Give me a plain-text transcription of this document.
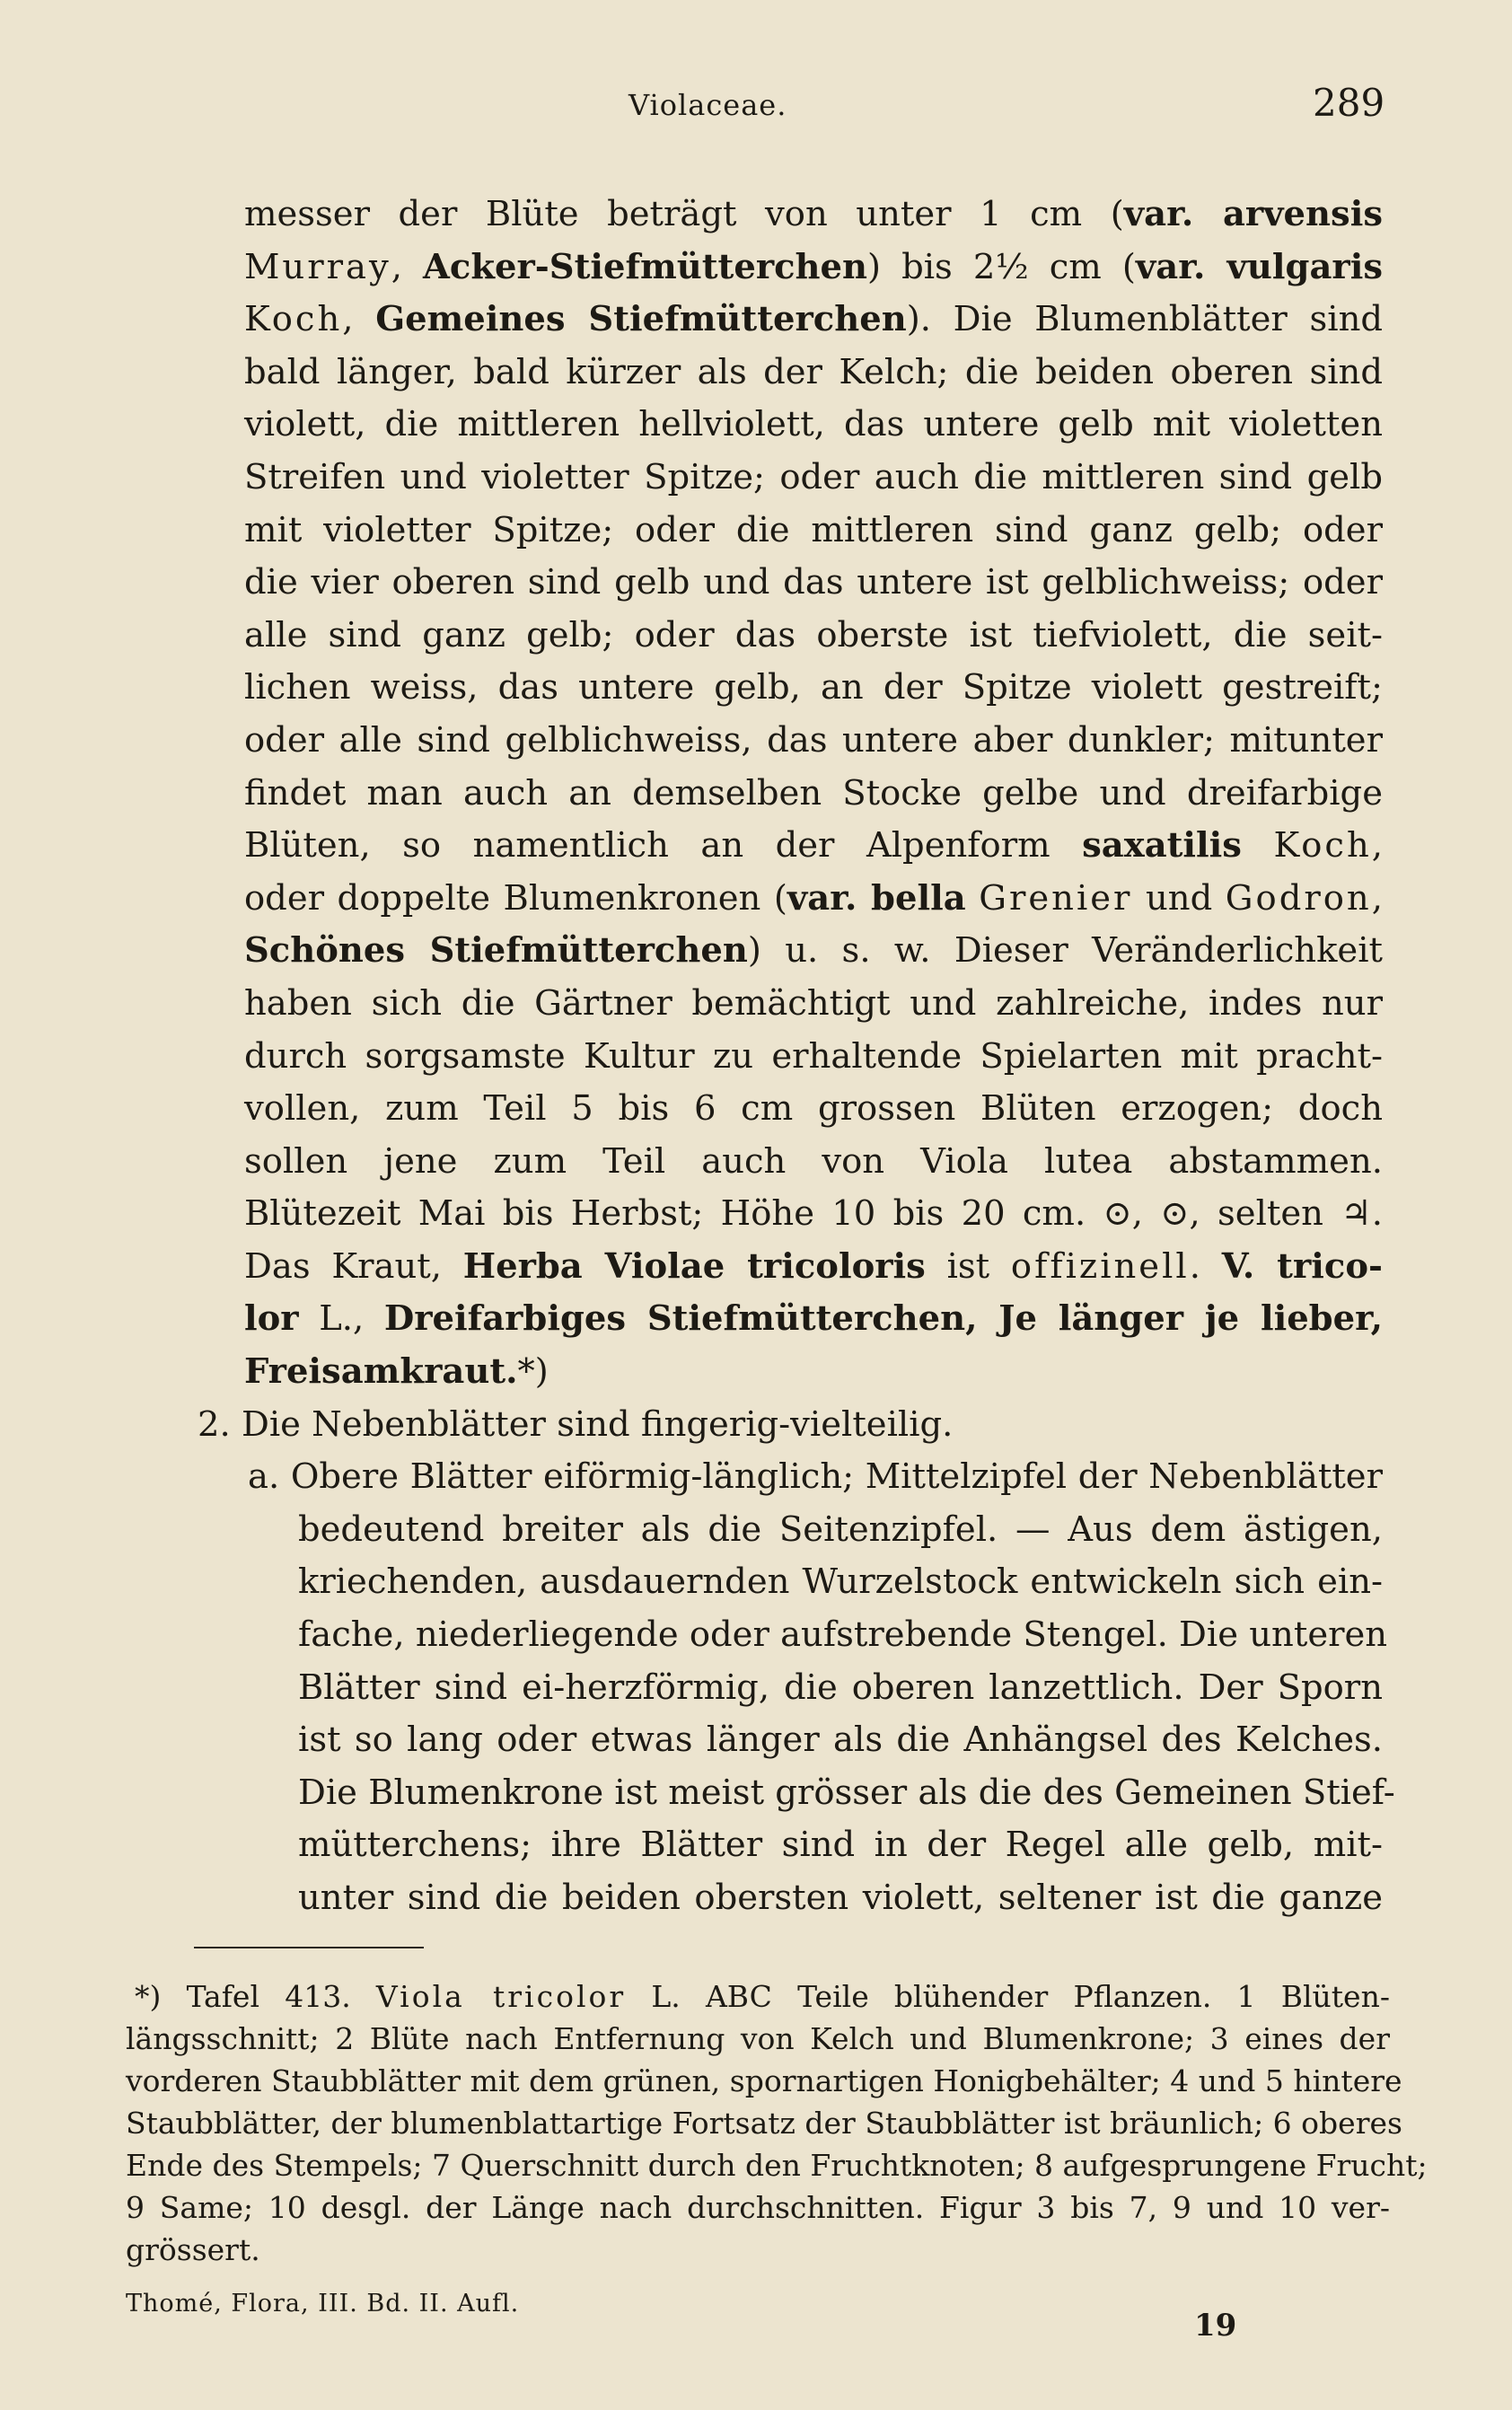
Violaceae.	289
messer der Blüte beträgt von unter 1 cm (var. arvensis
Murray, Acker-Stiefmütterchen) bis 2½ cm (var. vulgaris
Koch, Gemeines Stiefmütterchen). Die Blumenblätter sind
bald länger, bald kürzer als der Kelch; die beiden oberen sind
violett, die mittleren hellviolett, das untere gelb mit violetten
Streifen und violetter Spitze; oder auch die mittleren sind gelb
mit violetter Spitze; oder die mittleren sind ganz gelb; oder
die vier oberen sind gelb und das untere ist gelblichweiss; oder
alle sind ganz gelb; oder das oberste ist tiefviolett, die seit-
lichen weiss, das untere gelb, an der Spitze violett gestreift;
oder alle sind gelblichweiss, das untere aber dunkler; mitunter
findet man auch an demselben Stocke gelbe und dreifarbige
Blüten, so namentlich an der Alpenform saxatilis Koch,
oder doppelte Blumenkronen (var. bella Grenier und Godron,
Schönes Stiefmütterchen) u. s. w. Dieser Veränderlichkeit
haben sich die Gärtner bemächtigt und zahlreiche, indes nur
durch sorgsamste Kultur zu erhaltende Spielarten mit pracht-
vollen, zum Teil 5 bis 6 cm grossen Blüten erzogen; doch
sollen jene zum Teil auch von Viola lutea abstammen.
Blütezeit Mai bis Herbst; Höhe 10 bis 20 cm. ⊙, ⊙, selten ♃.
Das Kraut, Herba Violae tricoloris ist offizinell. V. trico-
lor L., Dreifarbiges Stiefmütterchen, Je länger je lieber,
Freisamkraut.*)
2. Die Nebenblätter sind fingerig-vielteilig.
a. Obere Blätter eiförmig-länglich; Mittelzipfel der Nebenblätter
bedeutend breiter als die Seitenzipfel. — Aus dem ästigen,
kriechenden, ausdauernden Wurzelstock entwickeln sich ein-
fache, niederliegende oder aufstrebende Stengel. Die unteren
Blätter sind ei-herzförmig, die oberen lanzettlich. Der Sporn
ist so lang oder etwas länger als die Anhängsel des Kelches.
Die Blumenkrone ist meist grösser als die des Gemeinen Stief-
mütterchens; ihre Blätter sind in der Regel alle gelb, mit-
unter sind die beiden obersten violett, seltener ist die ganze
*) Tafel 413. Viola tricolor L. ABC Teile blühender Pflanzen. 1 Blüten-
längsschnitt; 2 Blüte nach Entfernung von Kelch und Blumenkrone; 3 eines der
vorderen Staubblätter mit dem grünen, spornartigen Honigbehälter; 4 und 5 hintere
Staubblätter, der blumenblattartige Fortsatz der Staubblätter ist bräunlich; 6 oberes
Ende des Stempels; 7 Querschnitt durch den Fruchtknoten; 8 aufgesprungene Frucht;
9 Same; 10 desgl. der Länge nach durchschnitten. Figur 3 bis 7, 9 und 10 ver-
grössert.
Thomé, Flora, III. Bd. II. Aufl.
19
